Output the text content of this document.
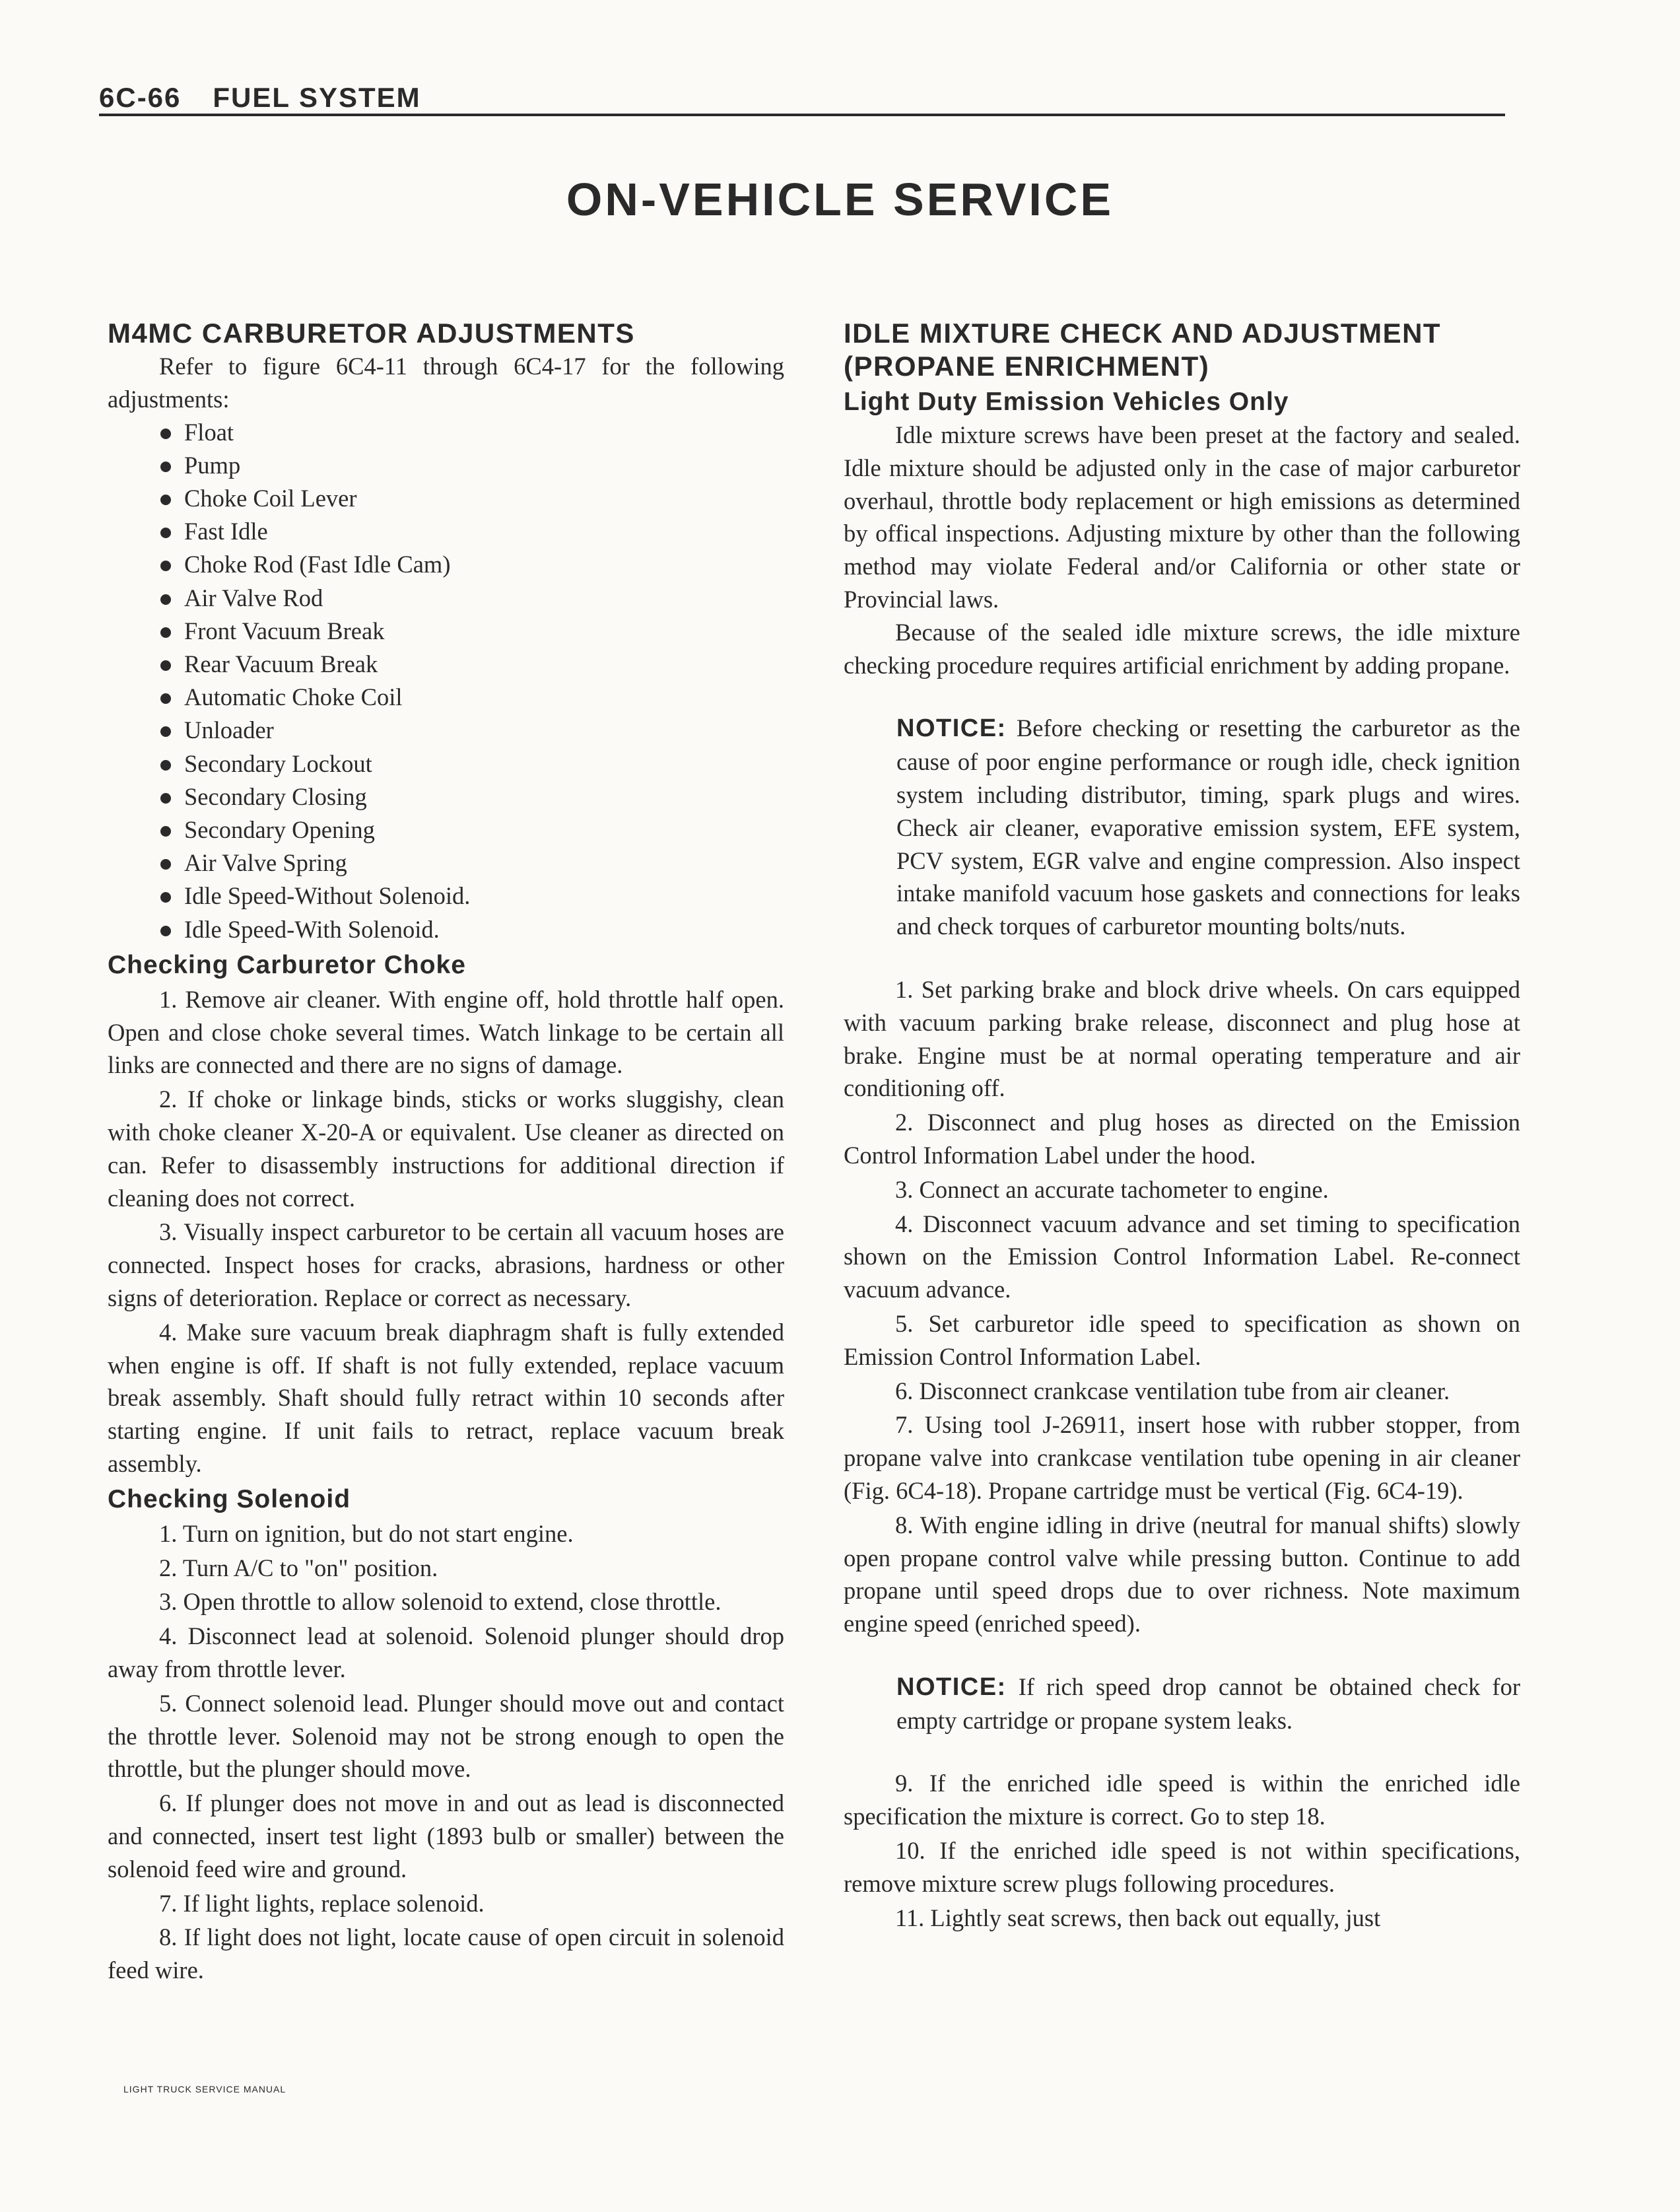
6C-66 FUEL SYSTEM
ON-VEHICLE SERVICE
M4MC CARBURETOR ADJUSTMENTS

Refer to figure 6C4-11 through 6C4-17 for the following adjustments:

Float
Pump
Choke Coil Lever
Fast Idle
Choke Rod (Fast Idle Cam)
Air Valve Rod
Front Vacuum Break
Rear Vacuum Break
Automatic Choke Coil
Unloader
Secondary Lockout
Secondary Closing
Secondary Opening
Air Valve Spring
Idle Speed-Without Solenoid.
Idle Speed-With Solenoid.
Checking Carburetor Choke

1. Remove air cleaner. With engine off, hold throttle half open. Open and close choke several times. Watch linkage to be certain all links are connected and there are no signs of damage.

2. If choke or linkage binds, sticks or works sluggishy, clean with choke cleaner X-20-A or equivalent. Use cleaner as directed on can. Refer to disassembly instructions for additional direction if cleaning does not correct.

3. Visually inspect carburetor to be certain all vacuum hoses are connected. Inspect hoses for cracks, abrasions, hardness or other signs of deterioration. Replace or correct as necessary.

4. Make sure vacuum break diaphragm shaft is fully extended when engine is off. If shaft is not fully extended, replace vacuum break assembly. Shaft should fully retract within 10 seconds after starting engine. If unit fails to retract, replace vacuum break assembly.

Checking Solenoid

1. Turn on ignition, but do not start engine.

2. Turn A/C to "on" position.

3. Open throttle to allow solenoid to extend, close throttle.

4. Disconnect lead at solenoid. Solenoid plunger should drop away from throttle lever.

5. Connect solenoid lead. Plunger should move out and contact the throttle lever. Solenoid may not be strong enough to open the throttle, but the plunger should move.

6. If plunger does not move in and out as lead is disconnected and connected, insert test light (1893 bulb or smaller) between the solenoid feed wire and ground.

7. If light lights, replace solenoid.

8. If light does not light, locate cause of open circuit in solenoid feed wire.

IDLE MIXTURE CHECK AND ADJUSTMENT
(PROPANE ENRICHMENT)
Light Duty Emission Vehicles Only

Idle mixture screws have been preset at the factory and sealed. Idle mixture should be adjusted only in the case of major carburetor overhaul, throttle body replacement or high emissions as determined by offical inspections. Adjusting mixture by other than the following method may violate Federal and/or California or other state or Provincial laws.

Because of the sealed idle mixture screws, the idle mixture checking procedure requires artificial enrichment by adding propane.

NOTICE: Before checking or resetting the carburetor as the cause of poor engine performance or rough idle, check ignition system including distributor, timing, spark plugs and wires. Check air cleaner, evaporative emission system, EFE system, PCV system, EGR valve and engine compression. Also inspect intake manifold vacuum hose gaskets and connections for leaks and check torques of carburetor mounting bolts/nuts.

1. Set parking brake and block drive wheels. On cars equipped with vacuum parking brake release, disconnect and plug hose at brake. Engine must be at normal operating temperature and air conditioning off.

2. Disconnect and plug hoses as directed on the Emission Control Information Label under the hood.

3. Connect an accurate tachometer to engine.

4. Disconnect vacuum advance and set timing to specification shown on the Emission Control Information Label. Re-connect vacuum advance.

5. Set carburetor idle speed to specification as shown on Emission Control Information Label.

6. Disconnect crankcase ventilation tube from air cleaner.

7. Using tool J-26911, insert hose with rubber stopper, from propane valve into crankcase ventilation tube opening in air cleaner (Fig. 6C4-18). Propane cartridge must be vertical (Fig. 6C4-19).

8. With engine idling in drive (neutral for manual shifts) slowly open propane control valve while pressing button. Continue to add propane until speed drops due to over richness. Note maximum engine speed (enriched speed).

NOTICE: If rich speed drop cannot be obtained check for empty cartridge or propane system leaks.

9. If the enriched idle speed is within the enriched idle specification the mixture is correct. Go to step 18.

10. If the enriched idle speed is not within specifications, remove mixture screw plugs following procedures.

11. Lightly seat screws, then back out equally, just

LIGHT TRUCK SERVICE MANUAL
